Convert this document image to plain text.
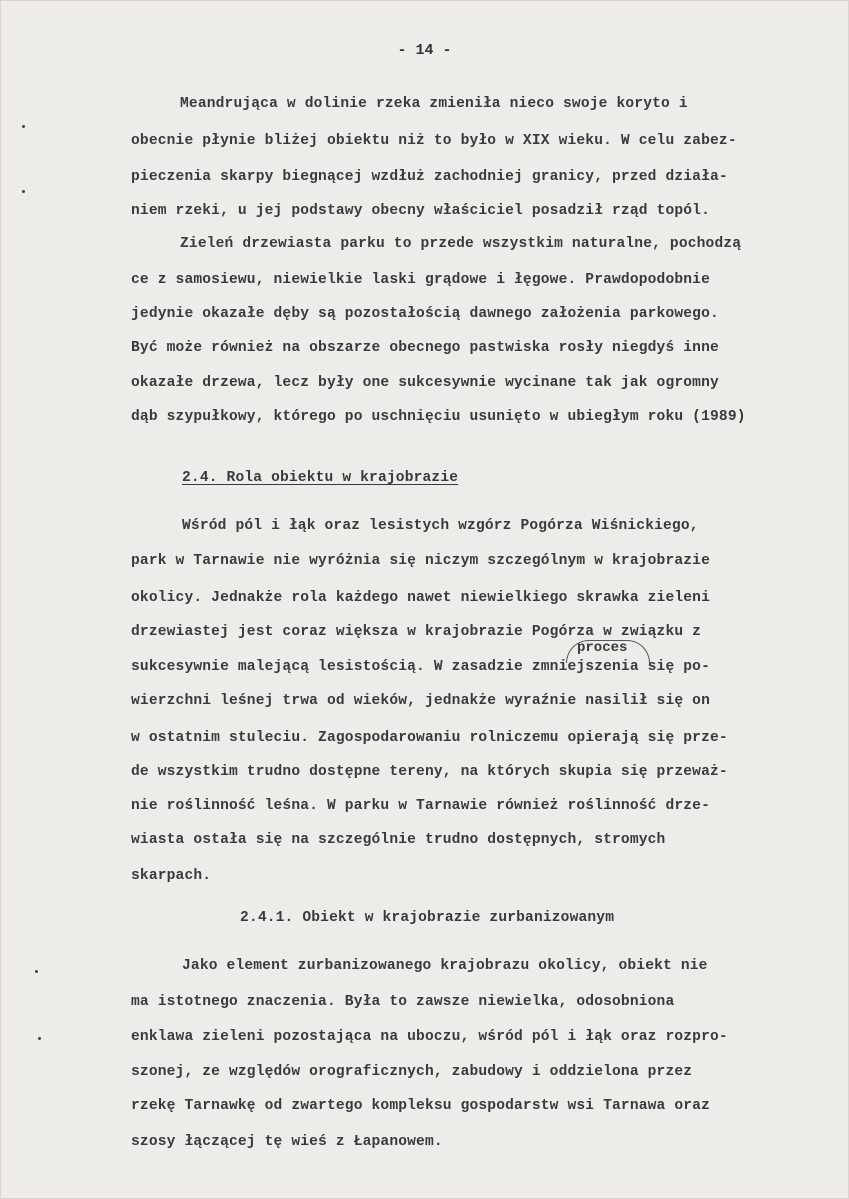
- 14 -
Meandrująca w dolinie rzeka zmieniła nieco swoje koryto i
obecnie płynie bliżej obiektu niż to było w XIX wieku. W celu zabez-
pieczenia skarpy biegnącej wzdłuż zachodniej granicy, przed działa-
niem rzeki, u jej podstawy obecny właściciel posadził rząd topól.
Zieleń drzewiasta parku to przede wszystkim naturalne, pochodzą
ce z samosiewu, niewielkie laski grądowe i łęgowe. Prawdopodobnie
jedynie okazałe dęby są pozostałością dawnego założenia parkowego.
Być może również na obszarze obecnego pastwiska rosły niegdyś inne
okazałe drzewa, lecz były one sukcesywnie wycinane tak jak ogromny
dąb szypułkowy, którego po uschnięciu usunięto w ubiegłym roku (1989)
2.4. Rola obiektu w krajobrazie
Wśród pól i łąk oraz lesistych wzgórz Pogórza Wiśnickiego,
park w Tarnawie nie wyróżnia się niczym szczególnym w krajobrazie
okolicy. Jednakże rola każdego nawet niewielkiego skrawka zieleni
drzewiastej jest coraz większa w krajobrazie Pogórza w związku z
proces
sukcesywnie malejącą lesistością. W zasadzie zmniejszenia się po-
wierzchni leśnej trwa od wieków, jednakże wyraźnie nasilił się on
w ostatnim stuleciu. Zagospodarowaniu rolniczemu opierają się prze-
de wszystkim trudno dostępne tereny, na których skupia się przeważ-
nie roślinność leśna. W parku w Tarnawie również roślinność drze-
wiasta ostała się na szczególnie trudno dostępnych, stromych
skarpach.
2.4.1. Obiekt w krajobrazie zurbanizowanym
Jako element zurbanizowanego krajobrazu okolicy, obiekt nie
ma istotnego znaczenia. Była to zawsze niewielka, odosobniona
enklawa zieleni pozostająca na uboczu, wśród pól i łąk oraz rozpro-
szonej, ze względów orograficznych, zabudowy i oddzielona przez
rzekę Tarnawkę od zwartego kompleksu gospodarstw wsi Tarnawa oraz
szosy łączącej tę wieś z Łapanowem.
